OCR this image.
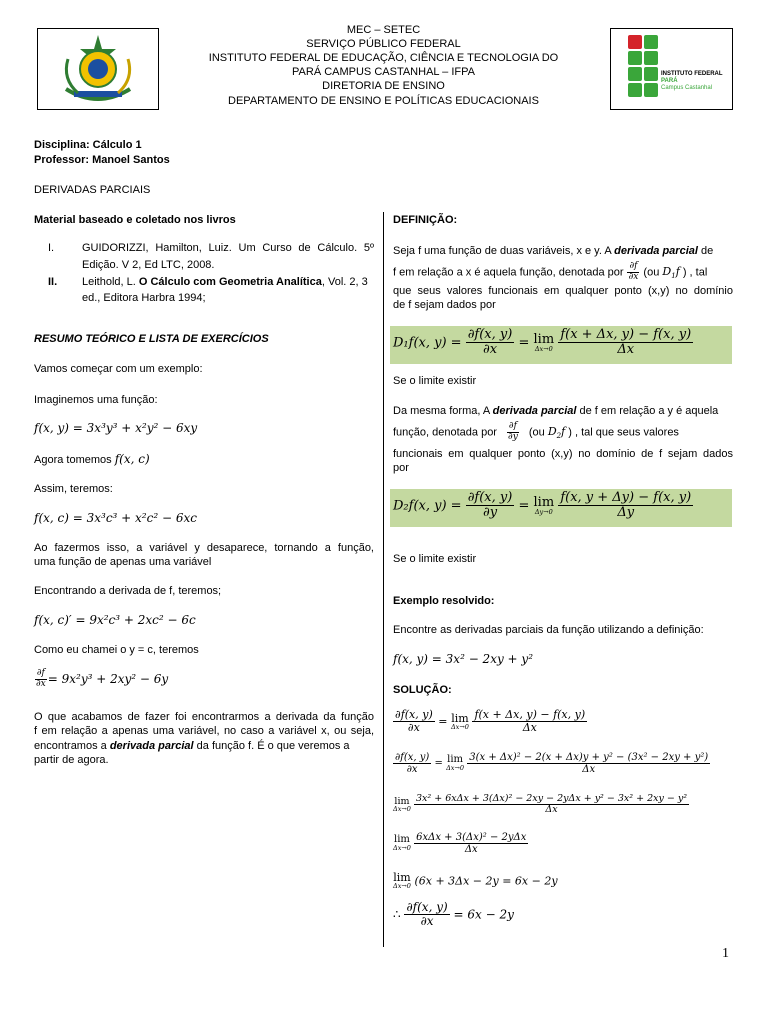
INSTITUTO FEDERAL
PARÁ
Campus Castanhal
MEC – SETEC
SERVIÇO PÚBLICO FEDERAL
INSTITUTO FEDERAL DE EDUCAÇÃO, CIÊNCIA E TECNOLOGIA DO
PARÁ CAMPUS CASTANHAL – IFPA
DIRETORIA DE ENSINO
DEPARTAMENTO DE ENSINO E POLÍTICAS EDUCACIONAIS
Disciplina: Cálculo 1
Professor: Manoel Santos
DERIVADAS PARCIAIS
Material baseado e coletado nos livros
I.	GUIDORIZZI, Hamilton, Luiz. Um Curso de Cálculo. 5º
Edição. V 2, Ed LTC, 2008.
II. Leithold, L. O Cálculo com Geometria Analítica, Vol. 2, 3
ed., Editora Harbra 1994;
RESUMO TEÓRICO E LISTA DE EXERCÍCIOS
Vamos começar com um exemplo:
Imaginemos uma função:
f(x, y) = 3x³y³ + x²y² − 6xy
Agora tomemos f(x, c)
Assim, teremos:
f(x, c) = 3x³c³ + x²c² − 6xc
Ao fazermos isso, a variável y desaparece, tornando a função,
uma função de apenas uma variável
Encontrando a derivada de f, teremos;
f(x, c)′ = 9x²c³ + 2xc² − 6c
Como eu chamei o y = c, teremos
$\frac{\partial f}{\partial x} = 9x^2y^3 + 2xy^2 - 6y$
O que acabamos de fazer foi encontrarmos a derivada da função
f em relação a apenas uma variável, no caso a variável x, ou seja,
encontramos a derivada parcial da função f. É o que veremos a
partir de agora.
DEFINIÇÃO:
Seja f uma função de duas variáveis, x e y. A derivada parcial de
f em relação a x é aquela função, denotada por $\frac{\partial f}{\partial x} (ou$ $D_1f$ ) , tal
que seus valores funcionais em qualquer ponto (x,y) no domínio
de f sejam dados por
D₁f(x, $y) = \frac{\partial f(x, y)}{\partial x} = \lim$
Δx→0
$\frac{f(x + \Delta x, y) - f(x, y)}{\Delta x}$
Se o limite existir
Da mesma forma, A derivada parcial de f em relação a y é aquela
função, denotada por $\frac{\partial f}{\partial y} (ou$ $D_2f$ ) , tal que seus valores
funcionais em qualquer ponto (x,y) no domínio de f sejam dados
por
D₂f(x, $y) = \frac{\partial f(x, y)}{\partial y} = \lim$
Δy→0
$\frac{f(x, y + \Delta y) - f(x, y)}{\Delta y}$
Se o limite existir
Exemplo resolvido:
Encontre as derivadas parciais da função utilizando a definição:
f(x, y) = 3x² − 2xy + y²
SOLUÇÃO:
$\frac{\partial f(x, y)}{\partial x} = \lim$
Δx→0
$\frac{f(x + \Delta x, y) - f(x, y)}{\Delta x}$
$\frac{\partial f(x, y)}{\partial x} = \lim$
Δx→0
$\frac{\text{3(x + Δx)² − 2(x + Δx)y + y² − (3x² − 2xy + y²)}}{\Delta x}$
lim
Δx→0
$\frac{\text{3x² + 6xΔx + 3(Δx)² − 2xy − 2yΔx + y² − 3x² + 2xy − y²}}{\Delta x}$
lim
Δx→0
$\frac{\text{6xΔx + 3(Δx)² − 2yΔx}}{\Delta x}$
lim
Δx→0 (6x + 3Δx − 2y = 6x − 2y
∴ $\frac{\partial f(x, y)}{\partial x} = 6x - 2y$
1
